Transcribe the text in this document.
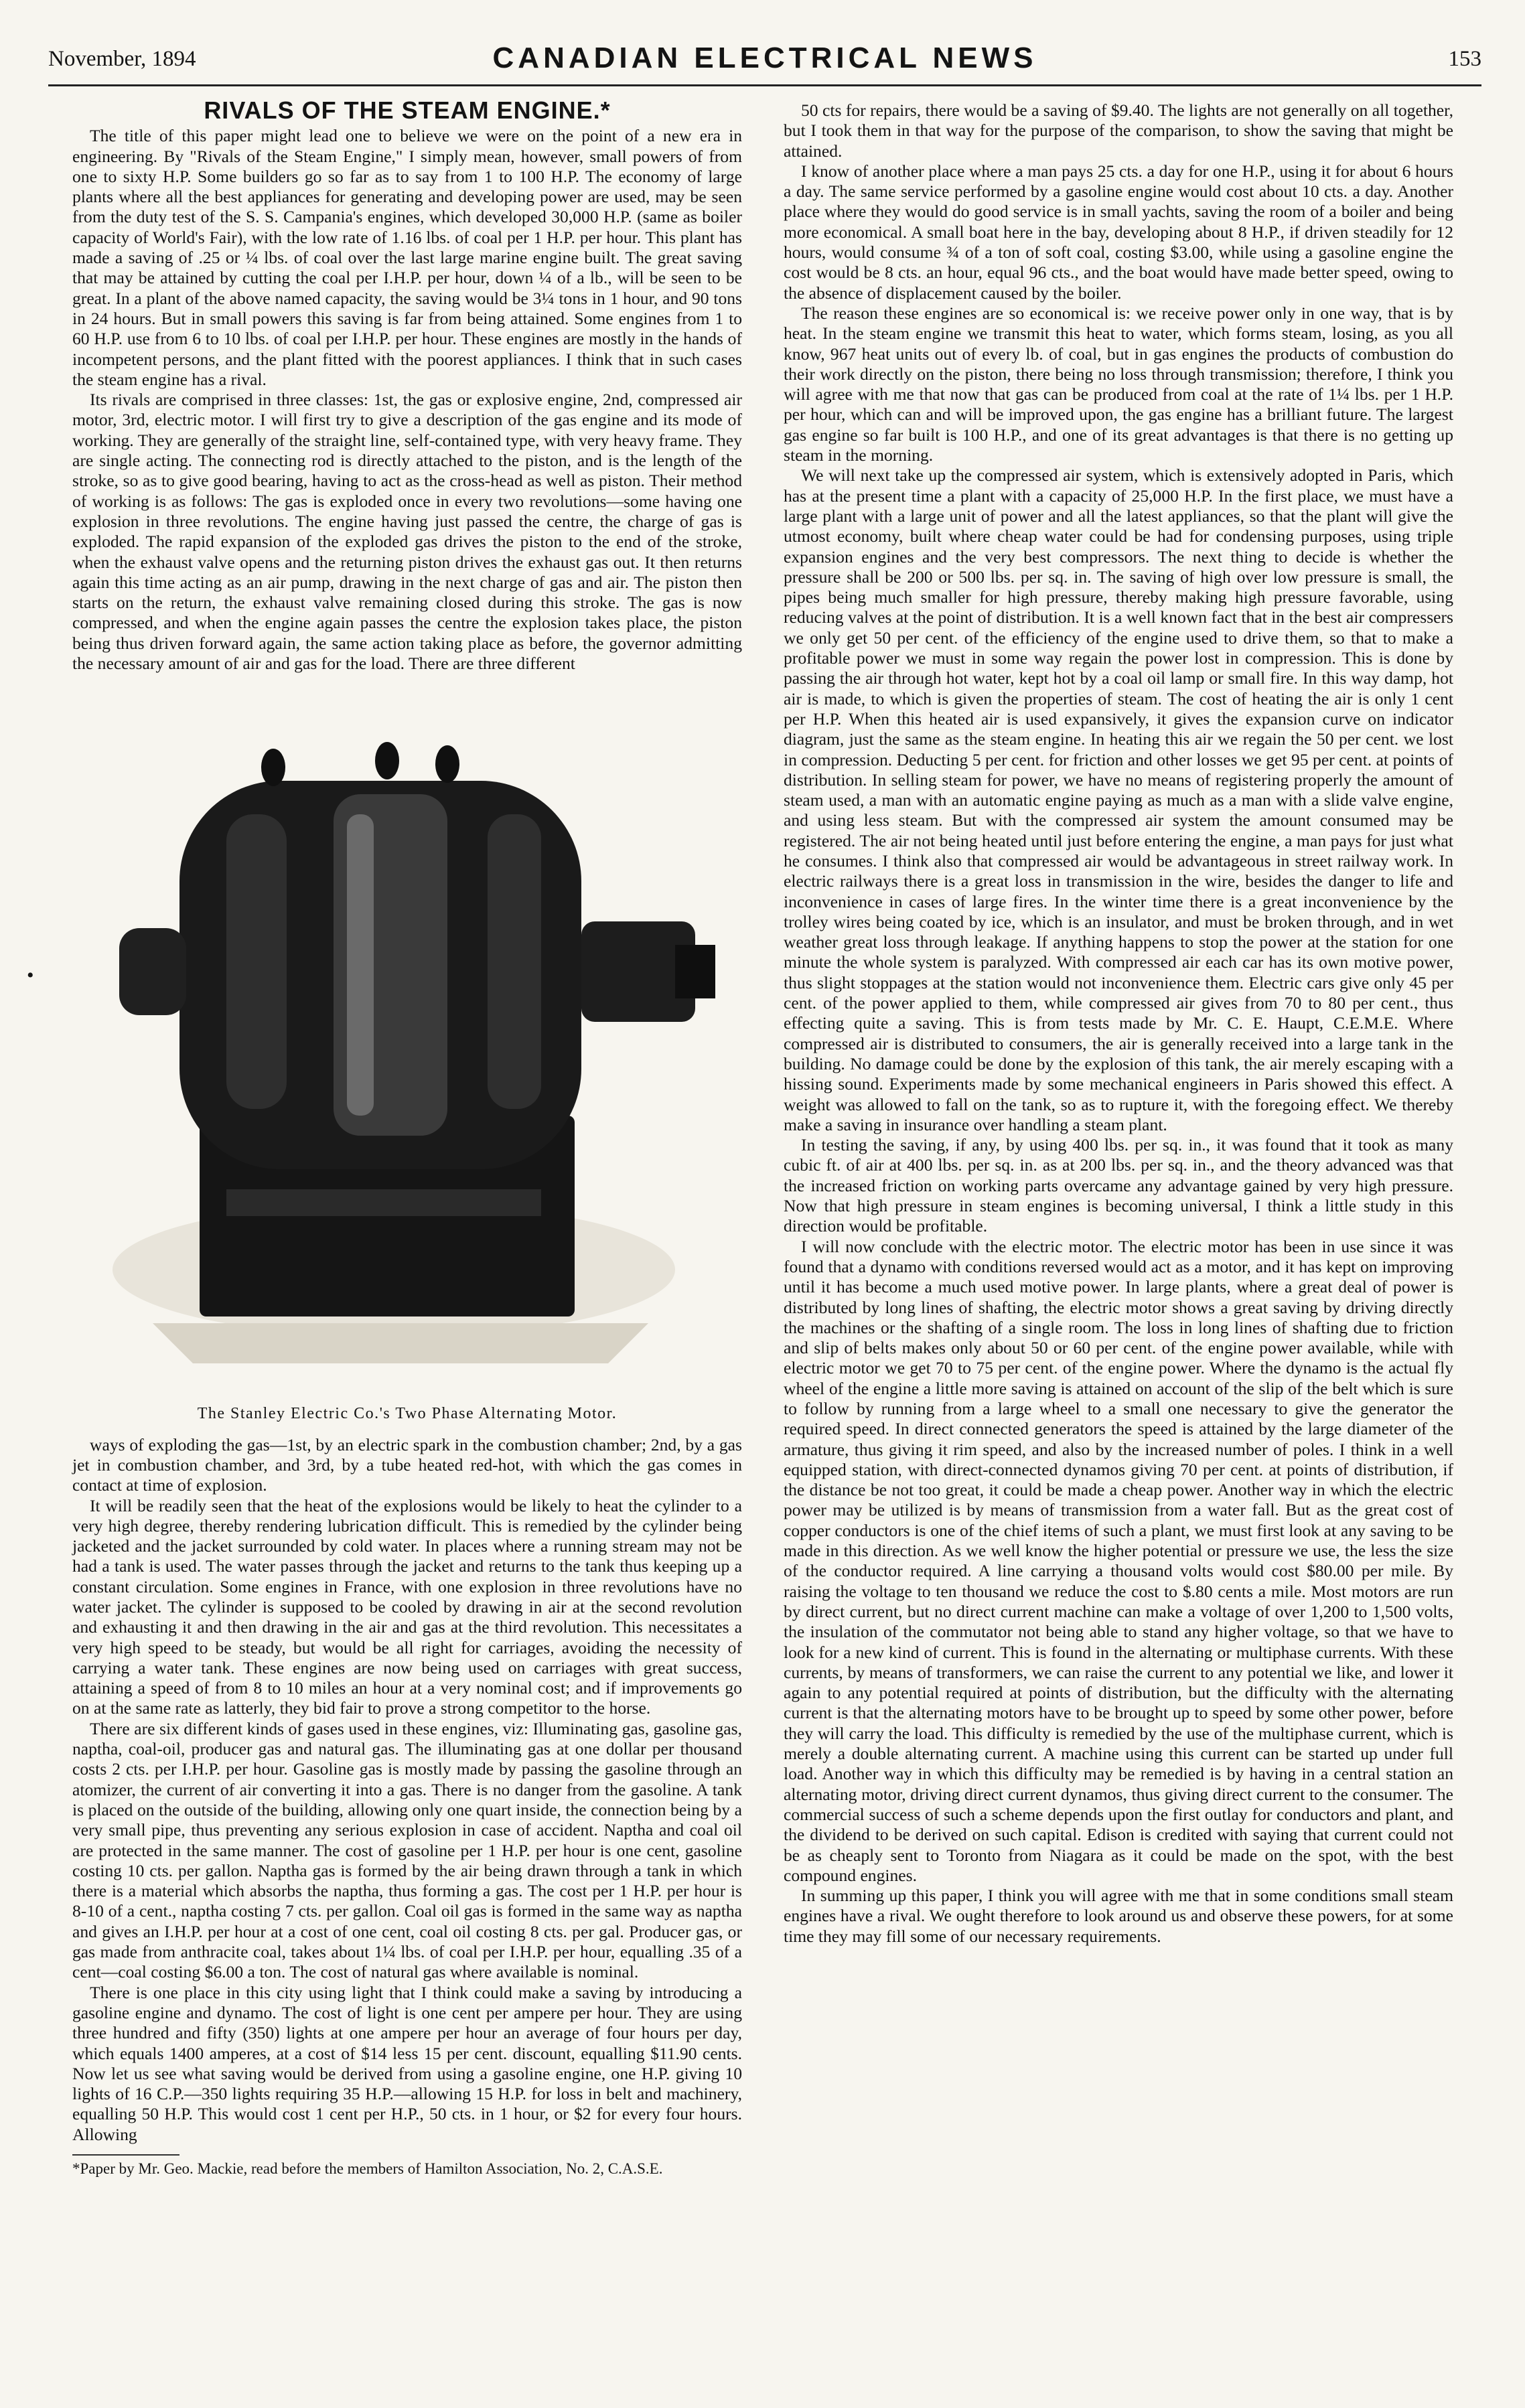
November, 1894	CANADIAN ELECTRICAL NEWS	153
RIVALS OF THE STEAM ENGINE.*

The title of this paper might lead one to believe we were on the point of a new era in engineering. By "Rivals of the Steam Engine," I simply mean, however, small powers of from one to sixty H.P. Some builders go so far as to say from 1 to 100 H.P. The economy of large plants where all the best appliances for generating and developing power are used, may be seen from the duty test of the S. S. Campania's engines, which developed 30,000 H.P. (same as boiler capacity of World's Fair), with the low rate of 1.16 lbs. of coal per 1 H.P. per hour. This plant has made a saving of .25 or ¼ lbs. of coal over the last large marine engine built. The great saving that may be attained by cutting the coal per I.H.P. per hour, down ¼ of a lb., will be seen to be great. In a plant of the above named capacity, the saving would be 3¼ tons in 1 hour, and 90 tons in 24 hours. But in small powers this saving is far from being attained. Some engines from 1 to 60 H.P. use from 6 to 10 lbs. of coal per I.H.P. per hour. These engines are mostly in the hands of incompetent persons, and the plant fitted with the poorest appliances. I think that in such cases the steam engine has a rival.

Its rivals are comprised in three classes: 1st, the gas or explosive engine, 2nd, compressed air motor, 3rd, electric motor. I will first try to give a description of the gas engine and its mode of working. They are generally of the straight line, self-contained type, with very heavy frame. They are single acting. The connecting rod is directly attached to the piston, and is the length of the stroke, so as to give good bearing, having to act as the cross-head as well as piston. Their method of working is as follows: The gas is exploded once in every two revolutions—some having one explosion in three revolutions. The engine having just passed the centre, the charge of gas is exploded. The rapid expansion of the exploded gas drives the piston to the end of the stroke, when the exhaust valve opens and the returning piston drives the exhaust gas out. It then returns again this time acting as an air pump, drawing in the next charge of gas and air. The piston then starts on the return, the exhaust valve remaining closed during this stroke. The gas is now compressed, and when the engine again passes the centre the explosion takes place, the piston being thus driven forward again, the same action taking place as before, the governor admitting the necessary amount of air and gas for the load. There are three different

The Stanley Electric Co.'s Two Phase Alternating Motor.

ways of exploding the gas—1st, by an electric spark in the combustion chamber; 2nd, by a gas jet in combustion chamber, and 3rd, by a tube heated red-hot, with which the gas comes in contact at time of explosion.

It will be readily seen that the heat of the explosions would be likely to heat the cylinder to a very high degree, thereby rendering lubrication difficult. This is remedied by the cylinder being jacketed and the jacket surrounded by cold water. In places where a running stream may not be had a tank is used. The water passes through the jacket and returns to the tank thus keeping up a constant circulation. Some engines in France, with one explosion in three revolutions have no water jacket. The cylinder is supposed to be cooled by drawing in air at the second revolution and exhausting it and then drawing in the air and gas at the third revolution. This necessitates a very high speed to be steady, but would be all right for carriages, avoiding the necessity of carrying a water tank. These engines are now being used on carriages with great success, attaining a speed of from 8 to 10 miles an hour at a very nominal cost; and if improvements go on at the same rate as latterly, they bid fair to prove a strong competitor to the horse.

There are six different kinds of gases used in these engines, viz: Illuminating gas, gasoline gas, naptha, coal-oil, producer gas and natural gas. The illuminating gas at one dollar per thousand costs 2 cts. per I.H.P. per hour. Gasoline gas is mostly made by passing the gasoline through an atomizer, the current of air converting it into a gas. There is no danger from the gasoline. A tank is placed on the outside of the building, allowing only one quart inside, the connection being by a very small pipe, thus preventing any serious explosion in case of accident. Naptha and coal oil are protected in the same manner. The cost of gasoline per 1 H.P. per hour is one cent, gasoline costing 10 cts. per gallon. Naptha gas is formed by the air being drawn through a tank in which there is a material which absorbs the naptha, thus forming a gas. The cost per 1 H.P. per hour is 8-10 of a cent., naptha costing 7 cts. per gallon. Coal oil gas is formed in the same way as naptha and gives an I.H.P. per hour at a cost of one cent, coal oil costing 8 cts. per gal. Producer gas, or gas made from anthracite coal, takes about 1¼ lbs. of coal per I.H.P. per hour, equalling .35 of a cent—coal costing $6.00 a ton. The cost of natural gas where available is nominal.

There is one place in this city using light that I think could make a saving by introducing a gasoline engine and dynamo. The cost of light is one cent per ampere per hour. They are using three hundred and fifty (350) lights at one ampere per hour an average of four hours per day, which equals 1400 amperes, at a cost of $14 less 15 per cent. discount, equalling $11.90 cents. Now let us see what saving would be derived from using a gasoline engine, one H.P. giving 10 lights of 16 C.P.—350 lights requiring 35 H.P.—allowing 15 H.P. for loss in belt and machinery, equalling 50 H.P. This would cost 1 cent per H.P., 50 cts. in 1 hour, or $2 for every four hours. Allowing

*Paper by Mr. Geo. Mackie, read before the members of Hamilton Association, No. 2, C.A.S.E.

50 cts for repairs, there would be a saving of $9.40. The lights are not generally on all together, but I took them in that way for the purpose of the comparison, to show the saving that might be attained.

I know of another place where a man pays 25 cts. a day for one H.P., using it for about 6 hours a day. The same service performed by a gasoline engine would cost about 10 cts. a day. Another place where they would do good service is in small yachts, saving the room of a boiler and being more economical. A small boat here in the bay, developing about 8 H.P., if driven steadily for 12 hours, would consume ¾ of a ton of soft coal, costing $3.00, while using a gasoline engine the cost would be 8 cts. an hour, equal 96 cts., and the boat would have made better speed, owing to the absence of displacement caused by the boiler.

The reason these engines are so economical is: we receive power only in one way, that is by heat. In the steam engine we transmit this heat to water, which forms steam, losing, as you all know, 967 heat units out of every lb. of coal, but in gas engines the products of combustion do their work directly on the piston, there being no loss through transmission; therefore, I think you will agree with me that now that gas can be produced from coal at the rate of 1¼ lbs. per 1 H.P. per hour, which can and will be improved upon, the gas engine has a brilliant future. The largest gas engine so far built is 100 H.P., and one of its great advantages is that there is no getting up steam in the morning.

We will next take up the compressed air system, which is extensively adopted in Paris, which has at the present time a plant with a capacity of 25,000 H.P. In the first place, we must have a large plant with a large unit of power and all the latest appliances, so that the plant will give the utmost economy, built where cheap water could be had for condensing purposes, using triple expansion engines and the very best compressors. The next thing to decide is whether the pressure shall be 200 or 500 lbs. per sq. in. The saving of high over low pressure is small, the pipes being much smaller for high pressure, thereby making high pressure favorable, using reducing valves at the point of distribution. It is a well known fact that in the best air compressers we only get 50 per cent. of the efficiency of the engine used to drive them, so that to make a profitable power we must in some way regain the power lost in compression. This is done by passing the air through hot water, kept hot by a coal oil lamp or small fire. In this way damp, hot air is made, to which is given the properties of steam. The cost of heating the air is only 1 cent per H.P. When this heated air is used expansively, it gives the expansion curve on indicator diagram, just the same as the steam engine. In heating this air we regain the 50 per cent. we lost in compression. Deducting 5 per cent. for friction and other losses we get 95 per cent. at points of distribution. In selling steam for power, we have no means of registering properly the amount of steam used, a man with an automatic engine paying as much as a man with a slide valve engine, and using less steam. But with the compressed air system the amount consumed may be registered. The air not being heated until just before entering the engine, a man pays for just what he consumes. I think also that compressed air would be advantageous in street railway work. In electric railways there is a great loss in transmission in the wire, besides the danger to life and inconvenience in cases of large fires. In the winter time there is a great inconvenience by the trolley wires being coated by ice, which is an insulator, and must be broken through, and in wet weather great loss through leakage. If anything happens to stop the power at the station for one minute the whole system is paralyzed. With compressed air each car has its own motive power, thus slight stoppages at the station would not inconvenience them. Electric cars give only 45 per cent. of the power applied to them, while compressed air gives from 70 to 80 per cent., thus effecting quite a saving. This is from tests made by Mr. C. E. Haupt, C.E.M.E. Where compressed air is distributed to consumers, the air is generally received into a large tank in the building. No damage could be done by the explosion of this tank, the air merely escaping with a hissing sound. Experiments made by some mechanical engineers in Paris showed this effect. A weight was allowed to fall on the tank, so as to rupture it, with the foregoing effect. We thereby make a saving in insurance over handling a steam plant.

In testing the saving, if any, by using 400 lbs. per sq. in., it was found that it took as many cubic ft. of air at 400 lbs. per sq. in. as at 200 lbs. per sq. in., and the theory advanced was that the increased friction on working parts overcame any advantage gained by very high pressure. Now that high pressure in steam engines is becoming universal, I think a little study in this direction would be profitable.

I will now conclude with the electric motor. The electric motor has been in use since it was found that a dynamo with conditions reversed would act as a motor, and it has kept on improving until it has become a much used motive power. In large plants, where a great deal of power is distributed by long lines of shafting, the electric motor shows a great saving by driving directly the machines or the shafting of a single room. The loss in long lines of shafting due to friction and slip of belts makes only about 50 or 60 per cent. of the engine power available, while with electric motor we get 70 to 75 per cent. of the engine power. Where the dynamo is the actual fly wheel of the engine a little more saving is attained on account of the slip of the belt which is sure to follow by running from a large wheel to a small one necessary to give the generator the required speed. In direct connected generators the speed is attained by the large diameter of the armature, thus giving it rim speed, and also by the increased number of poles. I think in a well equipped station, with direct-connected dynamos giving 70 per cent. at points of distribution, if the distance be not too great, it could be made a cheap power. Another way in which the electric power may be utilized is by means of transmission from a water fall. But as the great cost of copper conductors is one of the chief items of such a plant, we must first look at any saving to be made in this direction. As we well know the higher potential or pressure we use, the less the size of the conductor required. A line carrying a thousand volts would cost $80.00 per mile. By raising the voltage to ten thousand we reduce the cost to $.80 cents a mile. Most motors are run by direct current, but no direct current machine can make a voltage of over 1,200 to 1,500 volts, the insulation of the commutator not being able to stand any higher voltage, so that we have to look for a new kind of current. This is found in the alternating or multiphase currents. With these currents, by means of transformers, we can raise the current to any potential we like, and lower it again to any potential required at points of distribution, but the difficulty with the alternating current is that the alternating motors have to be brought up to speed by some other power, before they will carry the load. This difficulty is remedied by the use of the multiphase current, which is merely a double alternating current. A machine using this current can be started up under full load. Another way in which this difficulty may be remedied is by having in a central station an alternating motor, driving direct current dynamos, thus giving direct current to the consumer. The commercial success of such a scheme depends upon the first outlay for conductors and plant, and the dividend to be derived on such capital. Edison is credited with saying that current could not be as cheaply sent to Toronto from Niagara as it could be made on the spot, with the best compound engines.

In summing up this paper, I think you will agree with me that in some conditions small steam engines have a rival. We ought therefore to look around us and observe these powers, for at some time they may fill some of our necessary requirements.

•
